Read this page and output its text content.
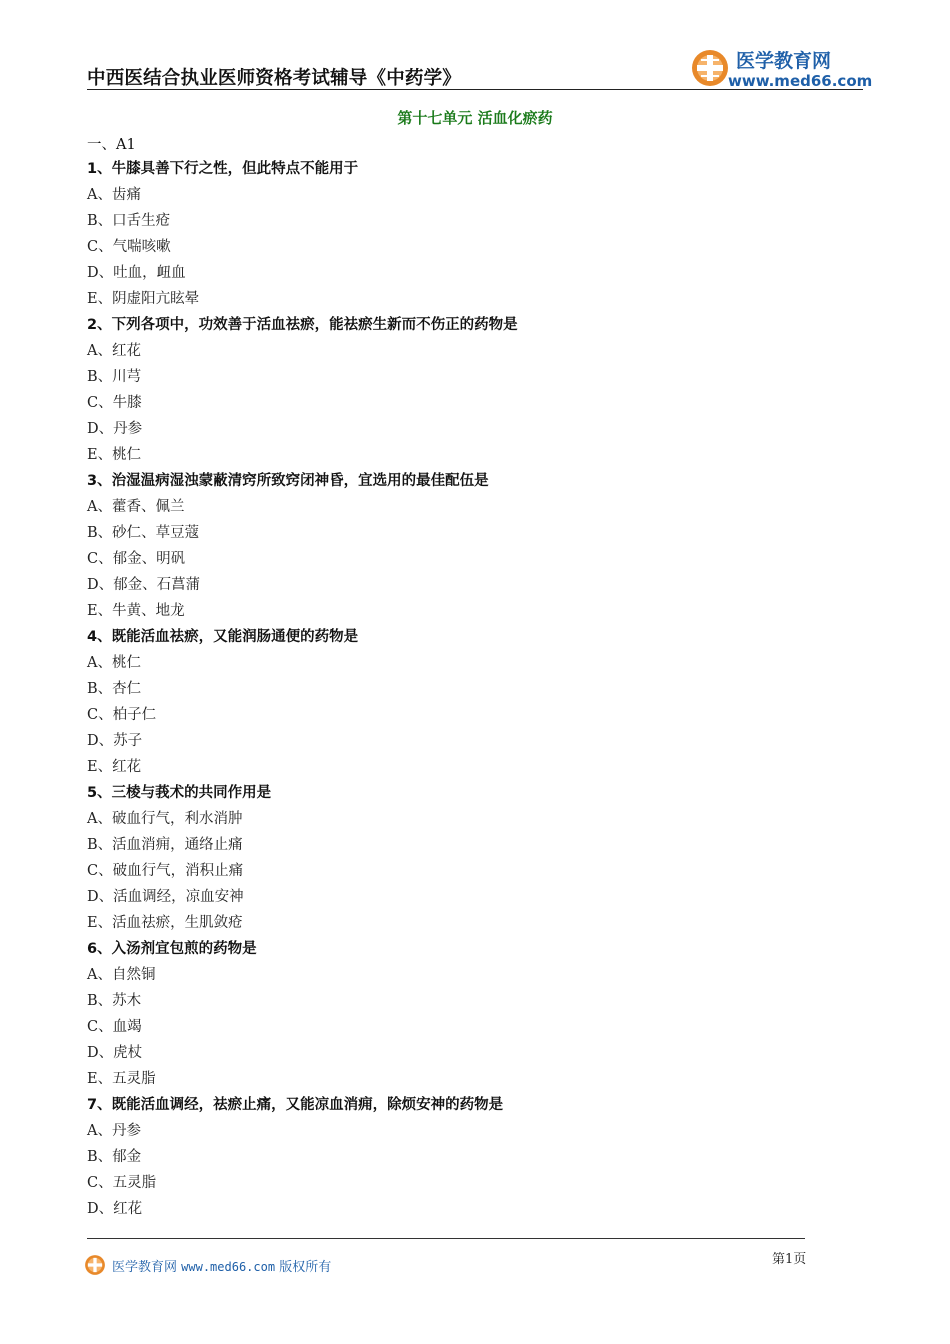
中西医结合执业医师资格考试辅导《中药学》
医学教育网
www.med66.com
第十七单元 活血化瘀药
一、A1
1、牛膝具善下行之性，但此特点不能用于
A、齿痛
B、口舌生疮
C、气喘咳嗽
D、吐血，衄血
E、阴虚阳亢眩晕
2、下列各项中，功效善于活血祛瘀，能祛瘀生新而不伤正的药物是
A、红花
B、川芎
C、牛膝
D、丹参
E、桃仁
3、治湿温病湿浊蒙蔽清窍所致窍闭神昏，宜选用的最佳配伍是
A、藿香、佩兰
B、砂仁、草豆蔻
C、郁金、明矾
D、郁金、石菖蒲
E、牛黄、地龙
4、既能活血祛瘀，又能润肠通便的药物是
A、桃仁
B、杏仁
C、柏子仁
D、苏子
E、红花
5、三棱与莪术的共同作用是
A、破血行气，利水消肿
B、活血消痈，通络止痛
C、破血行气，消积止痛
D、活血调经，凉血安神
E、活血祛瘀，生肌敛疮
6、入汤剂宜包煎的药物是
A、自然铜
B、苏木
C、血竭
D、虎杖
E、五灵脂
7、既能活血调经，祛瘀止痛，又能凉血消痈，除烦安神的药物是
A、丹参
B、郁金
C、五灵脂
D、红花
医学教育网 www.med66.com 版权所有
第1页
